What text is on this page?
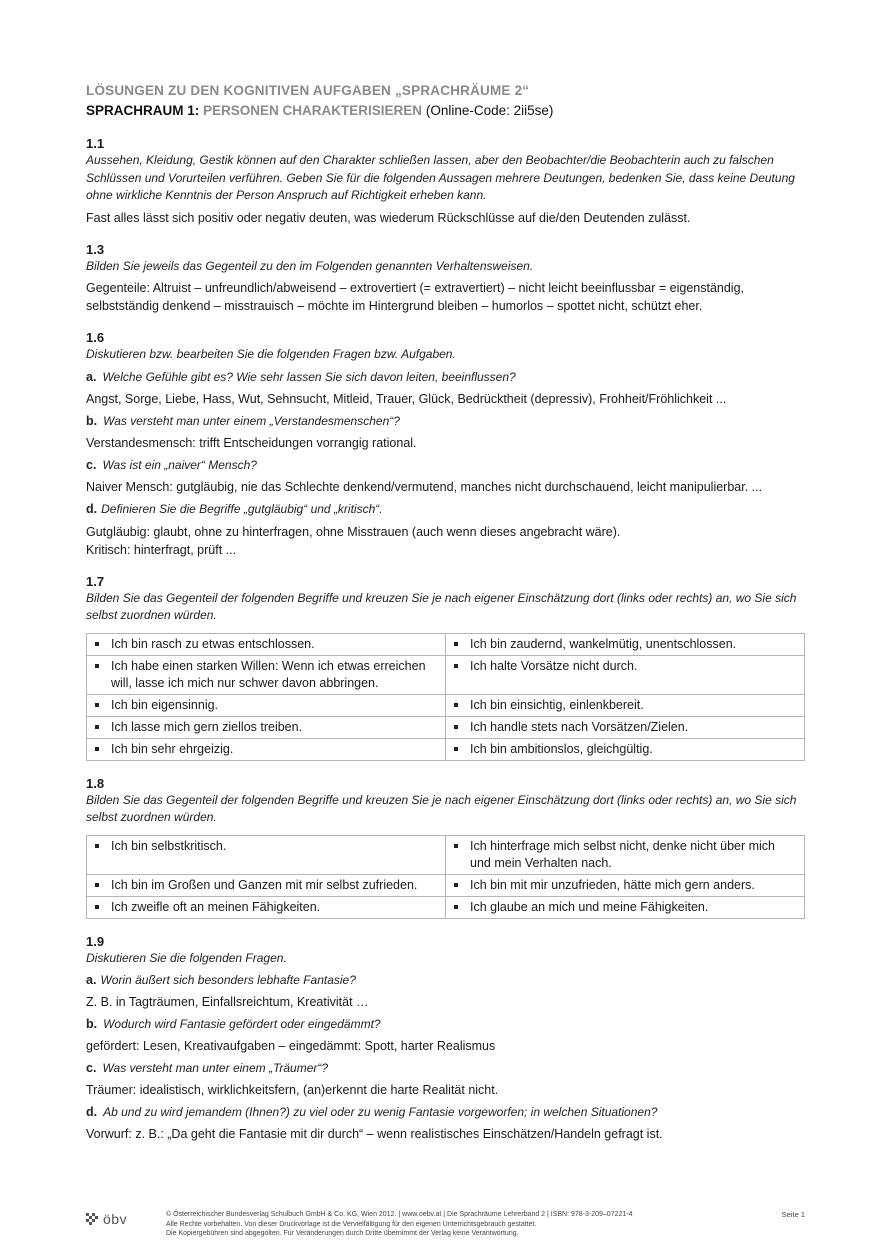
LÖSUNGEN ZU DEN KOGNITIVEN AUFGABEN „SPRACHRÄUME 2“

SPRACHRAUM 1: PERSONEN CHARAKTERISIEREN (Online-Code: 2ii5se)

1.1

Aussehen, Kleidung, Gestik können auf den Charakter schließen lassen, aber den Beobachter/die Beobachterin auch zu falschen Schlüssen und Vorurteilen verführen. Geben Sie für die folgenden Aussagen mehrere Deutungen, bedenken Sie, dass keine Deutung ohne wirkliche Kenntnis der Person Anspruch auf Richtigkeit erheben kann.

Fast alles lässt sich positiv oder negativ deuten, was wiederum Rückschlüsse auf die/den Deutenden zulässt.

1.3

Bilden Sie jeweils das Gegenteil zu den im Folgenden genannten Verhaltensweisen.

Gegenteile: Altruist – unfreundlich/abweisend – extrovertiert (= extravertiert) – nicht leicht beeinflussbar = eigenständig, selbstständig denkend – misstrauisch – möchte im Hintergrund bleiben – humorlos – spottet nicht, schützt eher.

1.6

Diskutieren bzw. bearbeiten Sie die folgenden Fragen bzw. Aufgaben.

a. Welche Gefühle gibt es? Wie sehr lassen Sie sich davon leiten, beeinflussen?

Angst, Sorge, Liebe, Hass, Wut, Sehnsucht, Mitleid, Trauer, Glück, Bedrücktheit (depressiv), Frohheit/Fröhlichkeit ...

b. Was versteht man unter einem „Verstandesmenschen“?

Verstandesmensch: trifft Entscheidungen vorrangig rational.

c. Was ist ein „naiver“ Mensch?

Naiver Mensch: gutgläubig, nie das Schlechte denkend/vermutend, manches nicht durchschauend, leicht manipulierbar. ...

d. Definieren Sie die Begriffe „gutgläubig“ und „kritisch“.

Gutgläubig: glaubt, ohne zu hinterfragen, ohne Misstrauen (auch wenn dieses angebracht wäre).
Kritisch: hinterfragt, prüft ...

1.7

Bilden Sie das Gegenteil der folgenden Begriffe und kreuzen Sie je nach eigener Einschätzung dort (links oder rechts) an, wo Sie sich selbst zuordnen würden.

Ich bin rasch zu etwas entschlossen.	Ich bin zaudernd, wankelmütig, unentschlossen.

Ich habe einen starken Willen: Wenn ich etwas erreichen will, lasse ich mich nur schwer davon abbringen.	Ich halte Vorsätze nicht durch.

Ich bin eigensinnig.	Ich bin einsichtig, einlenkbereit.

Ich lasse mich gern ziellos treiben.	Ich handle stets nach Vorsätzen/Zielen.

Ich bin sehr ehrgeizig.	Ich bin ambitionslos, gleichgültig.

1.8

Bilden Sie das Gegenteil der folgenden Begriffe und kreuzen Sie je nach eigener Einschätzung dort (links oder rechts) an, wo Sie sich selbst zuordnen würden.

Ich bin selbstkritisch.	Ich hinterfrage mich selbst nicht, denke nicht über mich und mein Verhalten nach.

Ich bin im Großen und Ganzen mit mir selbst zufrieden.	Ich bin mit mir unzufrieden, hätte mich gern anders.

Ich zweifle oft an meinen Fähigkeiten.	Ich glaube an mich und meine Fähigkeiten.

1.9

Diskutieren Sie die folgenden Fragen.

a. Worin äußert sich besonders lebhafte Fantasie?

Z. B. in Tagträumen, Einfallsreichtum, Kreativität …

b. Wodurch wird Fantasie gefördert oder eingedämmt?

gefördert: Lesen, Kreativaufgaben – eingedämmt: Spott, harter Realismus

c. Was versteht man unter einem „Träumer“?

Träumer: idealistisch, wirklichkeitsfern, (an)erkennt die harte Realität nicht.

d. Ab und zu wird jemandem (Ihnen?) zu viel oder zu wenig Fantasie vorgeworfen; in welchen Situationen?

Vorwurf: z. B.: „Da geht die Fantasie mit dir durch“ – wenn realistisches Einschätzen/Handeln gefragt ist.

öbv	© Österreichischer Bundesverlag Schulbuch GmbH & Co. KG, Wien 2012. | www.oebv.at | Die Sprachräume Lehrerband 2 | ISBN: 978-3-209–07221-4
Alle Rechte vorbehalten. Von dieser Druckvorlage ist die Vervielfältigung für den eigenen Unterrichtsgebrauch gestattet.
Die Kopiergebühren sind abgegolten. Für Veränderungen durch Dritte übernimmt der Verlag keine Verantwortung.
Seite 1
